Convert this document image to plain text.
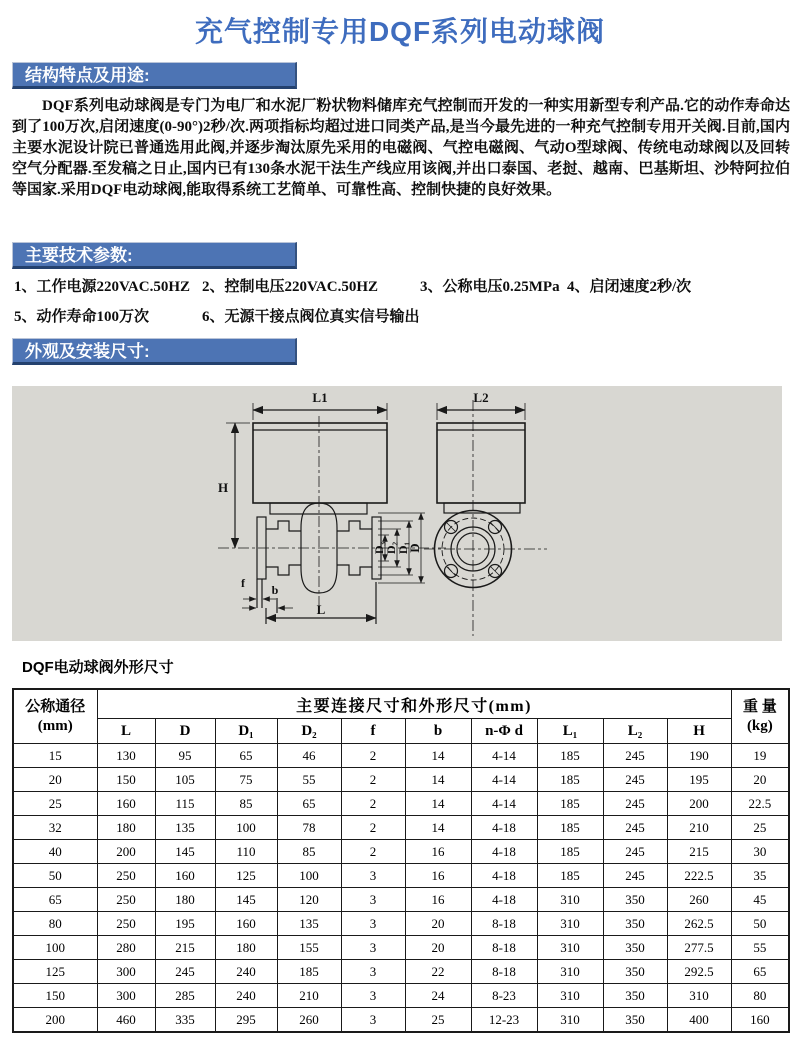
充气控制专用DQF系列电动球阀
结构特点及用途:

DQF系列电动球阀是专门为电厂和水泥厂粉状物料储库充气控制而开发的一种实用新型专利产品.它的动作寿命达到了100万次,启闭速度(0-90°)2秒/次.两项指标均超过进口同类产品,是当今最先进的一种充气控制专用开关阀.目前,国内主要水泥设计院已普通选用此阀,并逐步淘汰原先采用的电磁阀、气控电磁阀、气动O型球阀、传统电动球阀以及回转空气分配器.至发稿之日止,国内已有130条水泥干法生产线应用该阀,并出口泰国、老挝、越南、巴基斯坦、沙特阿拉伯等国家.采用DQF电动球阀,能取得系统工艺简单、可靠性高、控制快捷的良好效果。

主要技术参数:
1、工作电源220VAC.50HZ 2、控制电压220VAC.50HZ	3、公称电压0.25MPa 4、启闭速度2秒/次
5、动作寿命100万次	6、无源干接点阀位真实信号输出
外观及安装尺寸:
L1
H
f b
L
D₃
D₂
D₁
D
L2
DQF电动球阀外形尺寸
公称通径
(mm)
	主要连接尺寸和外形尺寸(mm)	重 量
(kg)

	L	D	D₁	D₂	f	b	n-Φ d	L₁	L₂	H	
15	130	95	65	46	2	14	4-14	185	245	190	19
20	150	105	75	55	2	14	4-14	185	245	195	20
25	160	115	85	65	2	14	4-14	185	245	200	22.5
32	180	135	100	78	2	14	4-18	185	245	210	25
40	200	145	110	85	2	16	4-18	185	245	215	30
50	250	160	125	100	3	16	4-18	185	245	222.5	35
65	250	180	145	120	3	16	4-18	310	350	260	45
80	250	195	160	135	3	20	8-18	310	350	262.5	50
100	280	215	180	155	3	20	8-18	310	350	277.5	55
125	300	245	240	185	3	22	8-18	310	350	292.5	65
150	300	285	240	210	3	24	8-23	310	350	310	80
200	460	335	295	260	3	25	12-23	310	350	400	160
